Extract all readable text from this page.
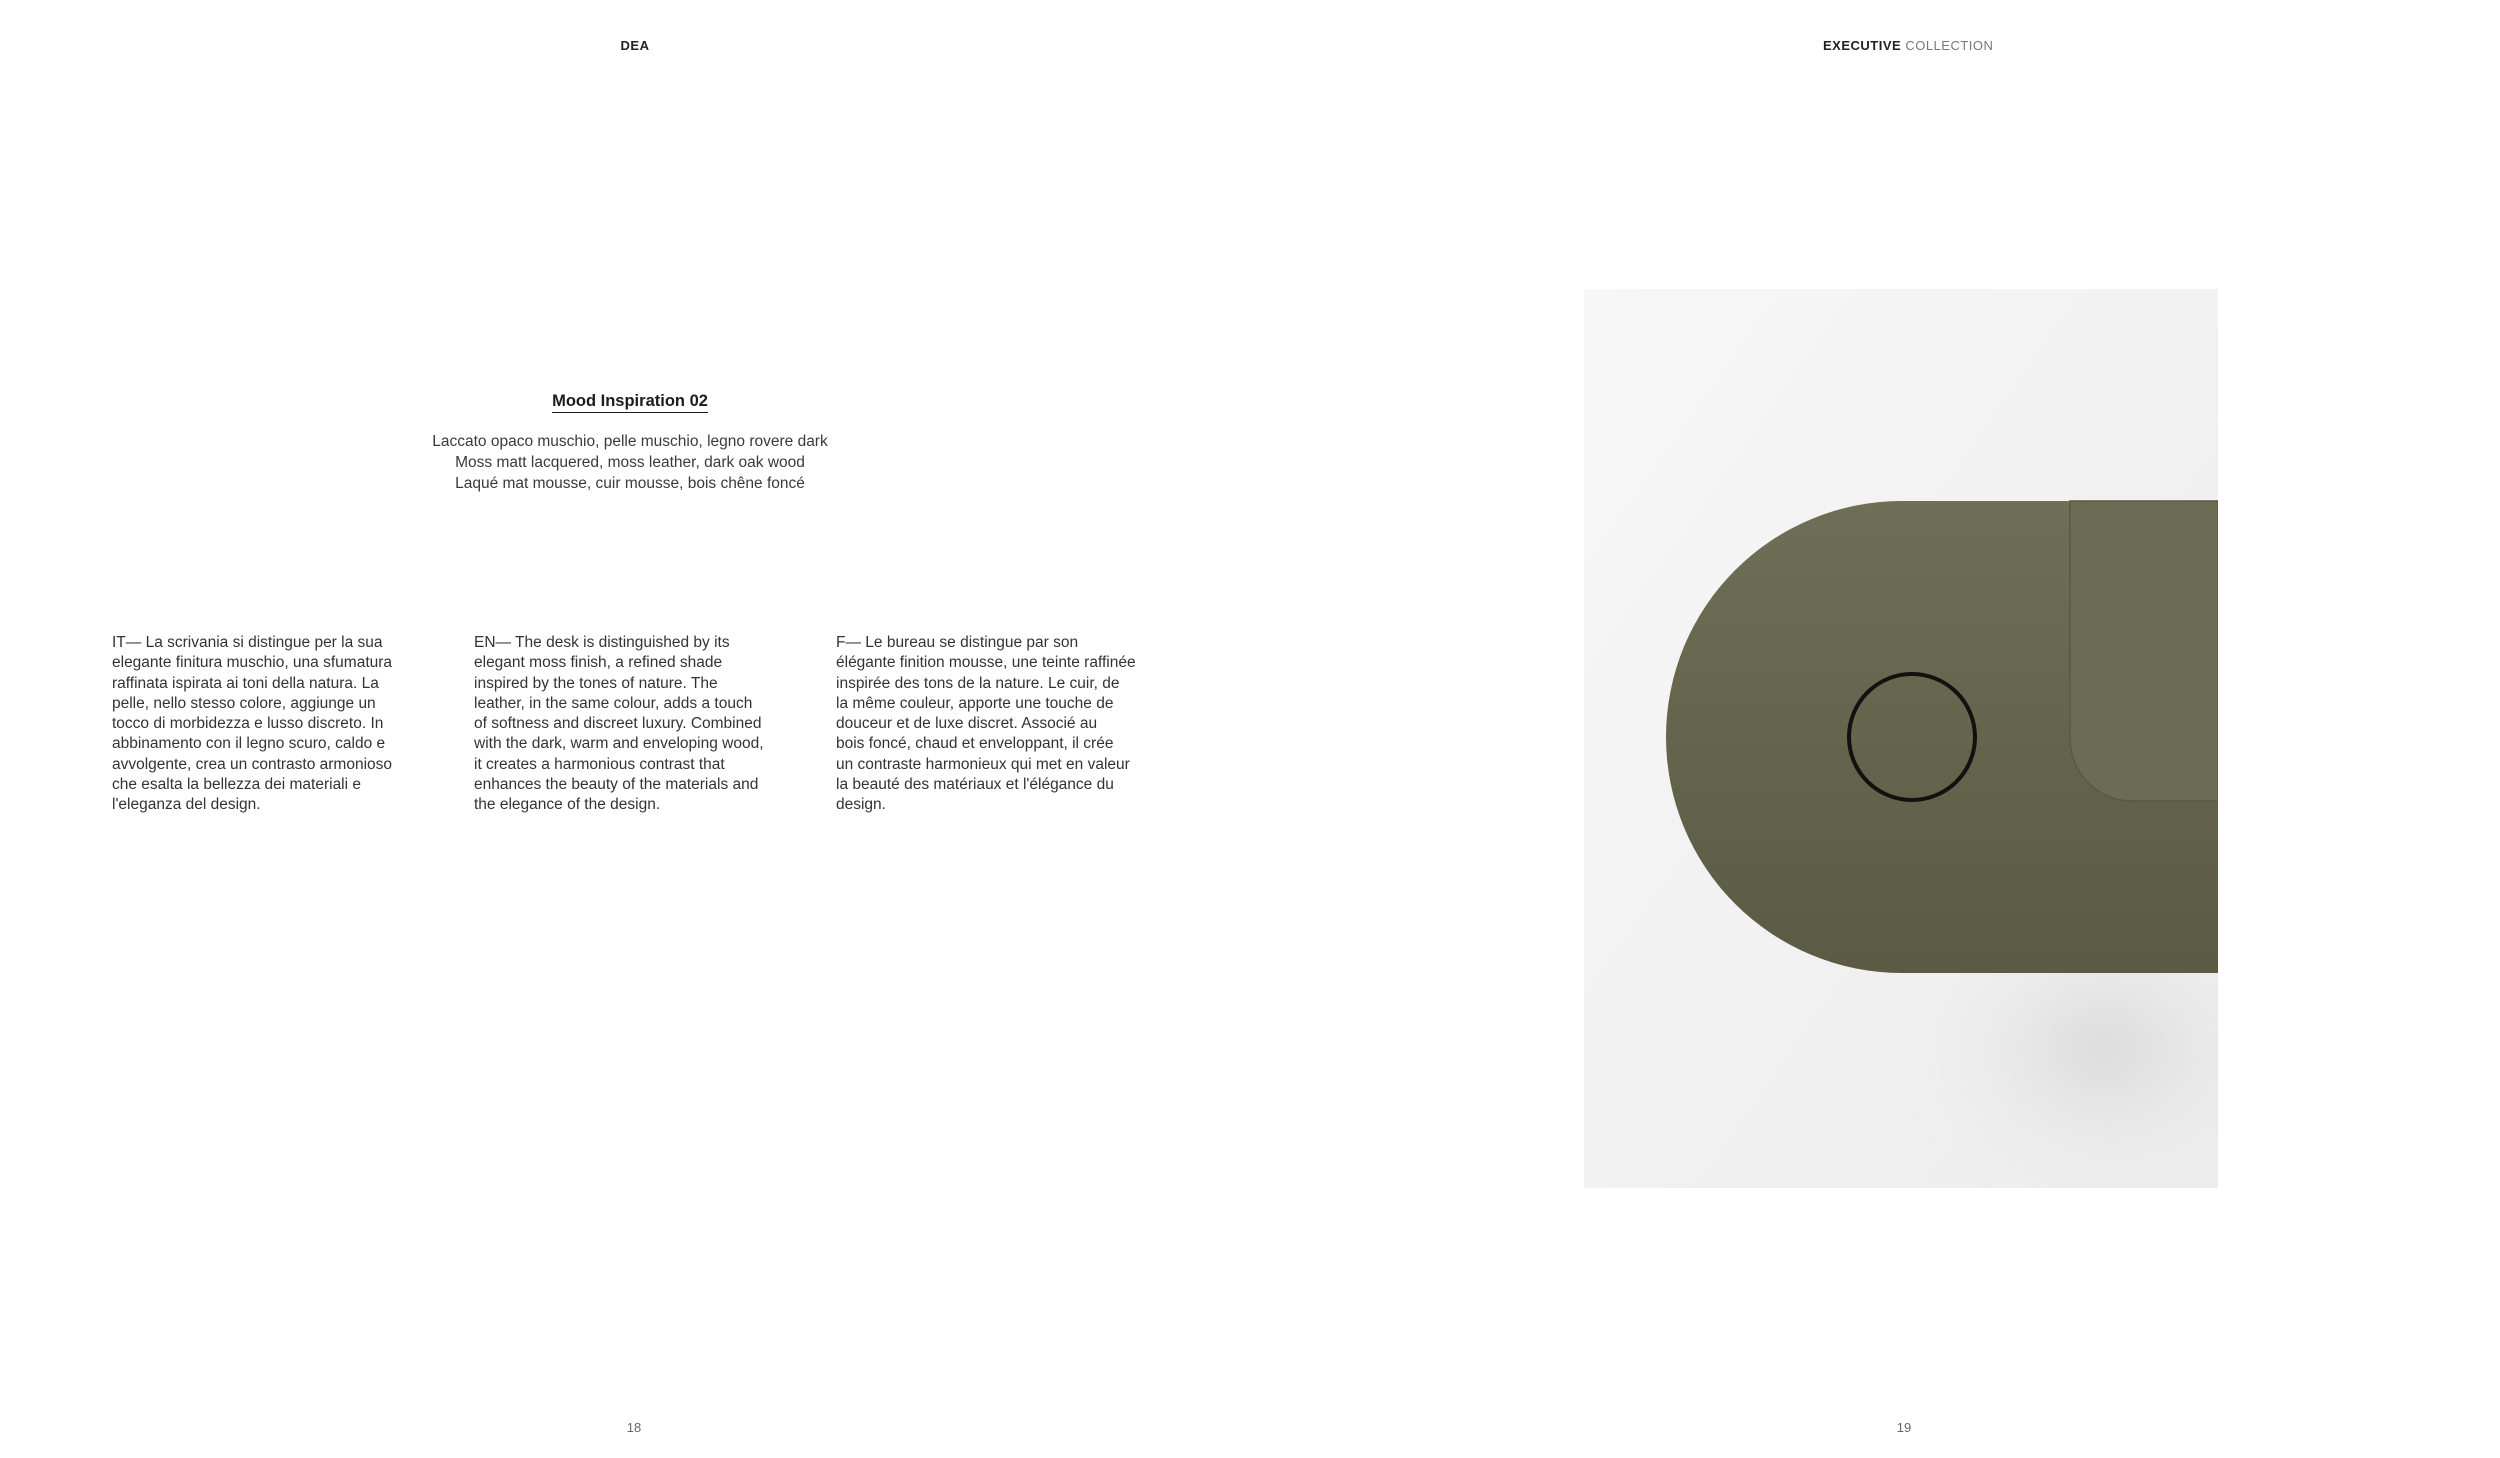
DEA
Mood Inspiration 02
Laccato opaco muschio, pelle muschio, legno rovere dark
Moss matt lacquered, moss leather, dark oak wood
Laqué mat mousse, cuir mousse, bois chêne foncé
IT— La scrivania si distingue per la sua
elegante finitura muschio, una sfumatura
raffinata ispirata ai toni della natura. La
pelle, nello stesso colore, aggiunge un
tocco di morbidezza e lusso discreto. In
abbinamento con il legno scuro, caldo e
avvolgente, crea un contrasto armonioso
che esalta la bellezza dei materiali e
l'eleganza del design.
EN— The desk is distinguished by its
elegant moss finish, a refined shade
inspired by the tones of nature. The
leather, in the same colour, adds a touch
of softness and discreet luxury. Combined
with the dark, warm and enveloping wood,
it creates a harmonious contrast that
enhances the beauty of the materials and
the elegance of the design.
F— Le bureau se distingue par son
élégante finition mousse, une teinte raffinée
inspirée des tons de la nature. Le cuir, de
la même couleur, apporte une touche de
douceur et de luxe discret. Associé au
bois foncé, chaud et enveloppant, il crée
un contraste harmonieux qui met en valeur
la beauté des matériaux et l'élégance du
design.
18
EXECUTIVE COLLECTION
19
